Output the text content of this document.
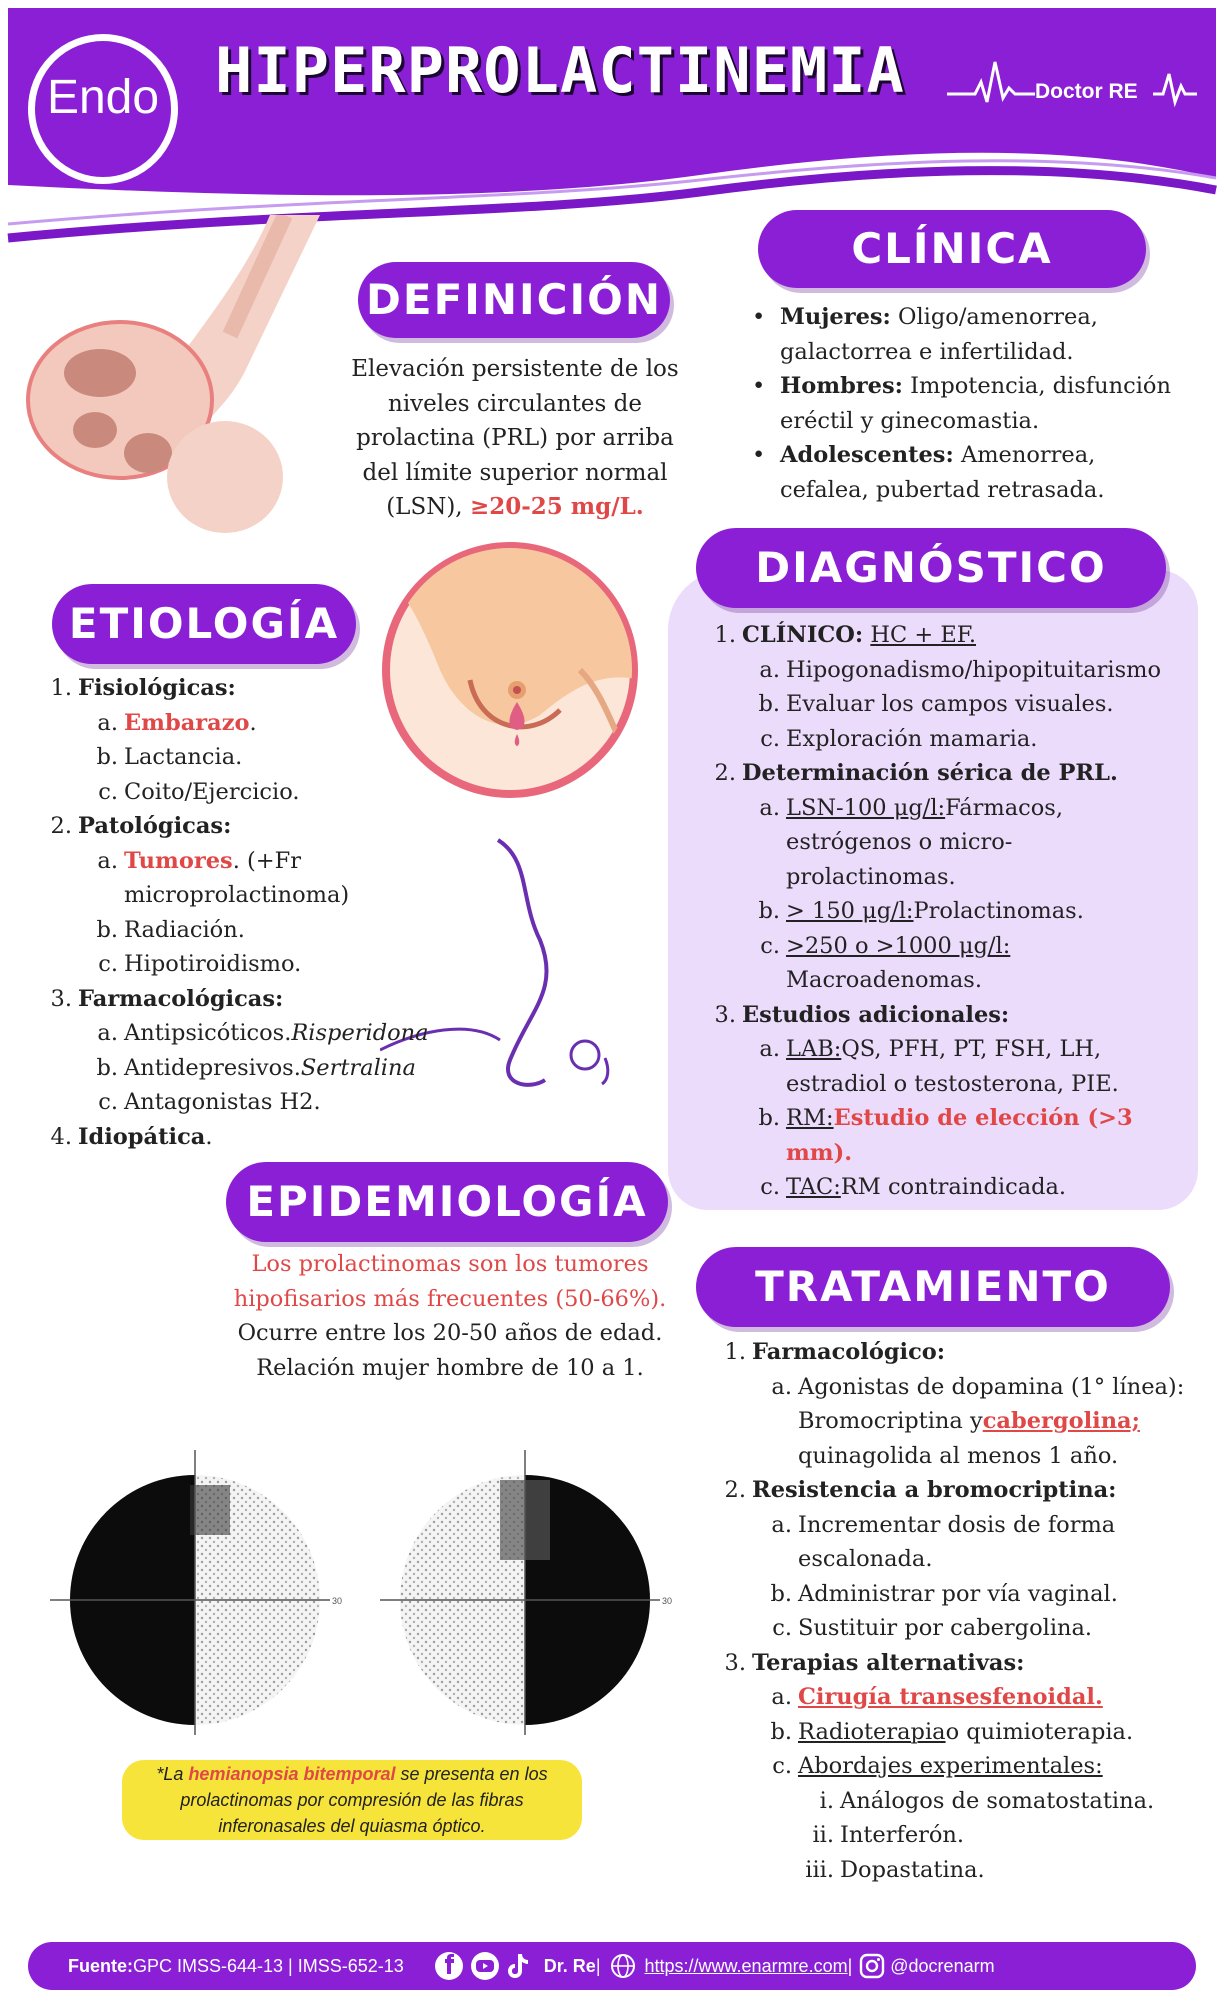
Endo HIPERPROLACTINEMIA	Doctor RE
DEFINICIÓN
Elevación persistente de los
niveles circulantes de
prolactina (PRL) por arriba
del límite superior normal
(LSN), ≥20-25 mg/L.
CLÍNICA
• Mujeres: Oligo/amenorrea,
galactorrea e infertilidad.
• Hombres: Impotencia, disfunción
eréctil y ginecomastia.
• Adolescentes: Amenorrea,
cefalea, pubertad retrasada.
DIAGNÓSTICO
1. CLÍNICO:
HC + EF.
a. Hipogonadismo/hipopituitarismo
b. Evaluar los campos visuales.
c. Exploración mamaria.
2. Determinación sérica de PRL.
a. LSN-100 μg/l: Fármacos,
estrógenos o micro-
prolactinomas.
b. > 150 μg/l: Prolactinomas.
c. >250 o >1000 μg/l:
Macroadenomas.
3. Estudios adicionales:
a. LAB: QS, PFH, PT, FSH, LH,
estradiol o testosterona, PIE.
b. RM: Estudio de elección (>3
mm).
c. TAC: RM contraindicada.
ETIOLOGÍA
1. Fisiológicas:
a. Embarazo .
b. Lactancia.
c. Coito/Ejercicio.
2. Patológicas:
a. Tumores . (+Fr
microprolactinoma)
b. Radiación.
c. Hipotiroidismo.
3. Farmacológicas:
a. Antipsicóticos. Risperidona
b. Antidepresivos. Sertralina
c. Antagonistas H2.
4. Idiopática .
EPIDEMIOLOGÍA
Los prolactinomas son los tumores
hipofisarios más frecuentes (50-66%).
Ocurre entre los 20-50 años de edad.
Relación mujer hombre de 10 a 1.
30	30
*La hemianopsia bitemporal se presenta en los
prolactinomas por compresión de las fibras
inferonasales del quiasma óptico.
TRATAMIENTO
1. Farmacológico:
a. Agonistas de dopamina (1° línea):
Bromocriptina y cabergolina;
quinagolida al menos 1 año.
2. Resistencia a bromocriptina:
a. Incrementar dosis de forma
escalonada.
b. Administrar por vía vaginal.
c. Sustituir por cabergolina.
3. Terapias alternativas:
a. Cirugía transesfenoidal.
b. Radioterapia o quimioterapia.
c. Abordajes experimentales:
i. Análogos de somatostatina.
ii. Interferón.
iii. Dopastatina.
Fuente: GPC IMSS-644-13 | IMSS-652-13	Dr. Re | https://www.enarmre.com | @docrenarm
